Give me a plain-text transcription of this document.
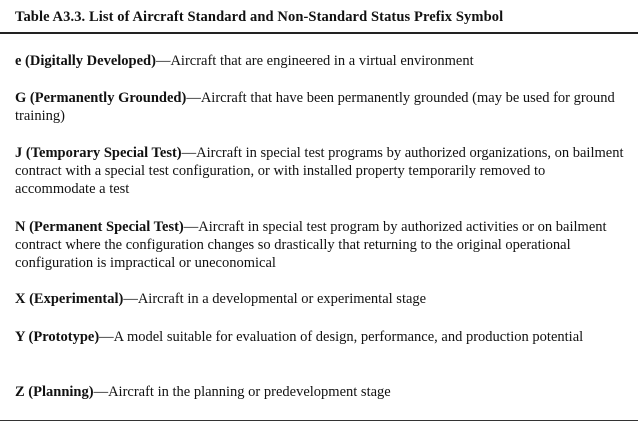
Table A3.3. List of Aircraft Standard and Non-Standard Status Prefix Symbol
e (Digitally Developed)—Aircraft that are engineered in a virtual environment
G (Permanently Grounded)—Aircraft that have been permanently grounded (may be used for ground training)
J (Temporary Special Test)—Aircraft in special test programs by authorized organizations, on bailment contract with a special test configuration, or with installed property temporarily removed to accommodate a test
N (Permanent Special Test)—Aircraft in special test program by authorized activities or on bailment contract where the configuration changes so drastically that returning to the original operational configuration is impractical or uneconomical
X (Experimental)—Aircraft in a developmental or experimental stage
Y (Prototype)—A model suitable for evaluation of design, performance, and production potential
Z (Planning)—Aircraft in the planning or predevelopment stage
